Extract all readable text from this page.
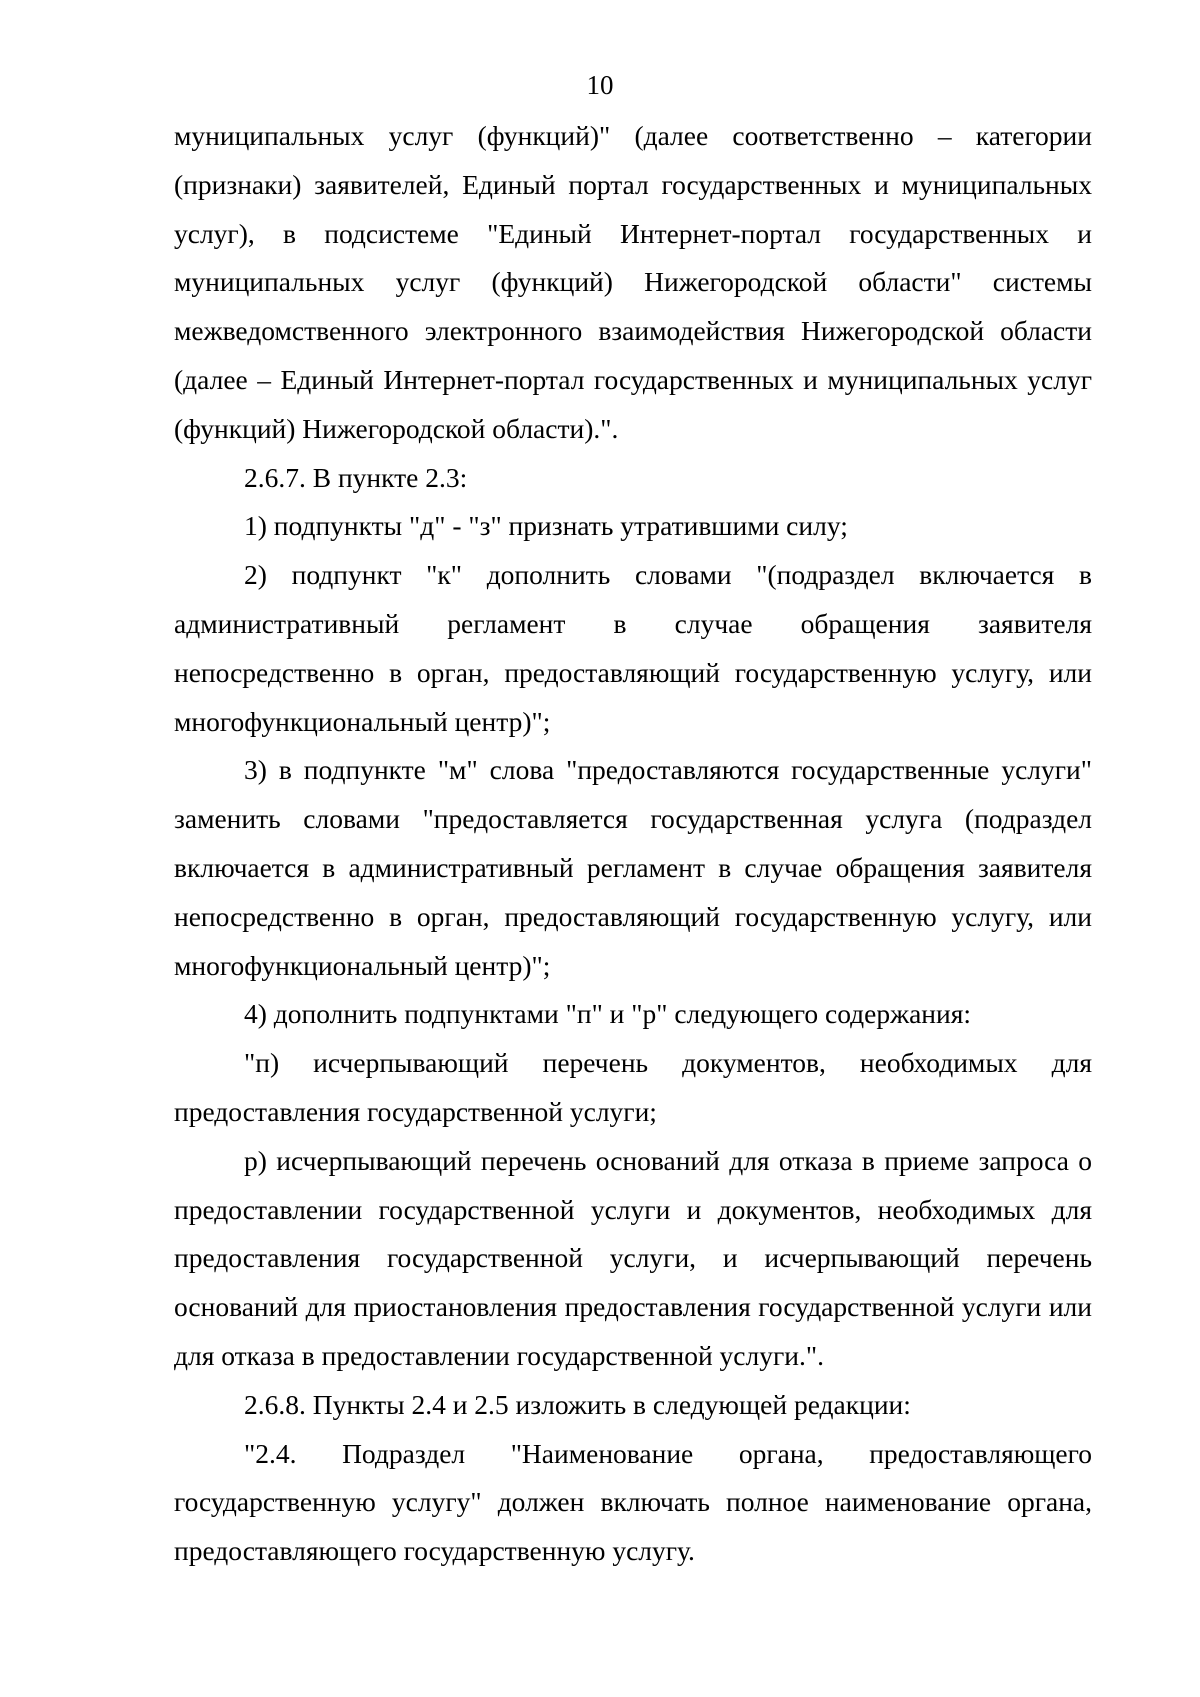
10

муниципальных услуг (функций)" (далее соответственно – категории (признаки) заявителей, Единый портал государственных и муниципальных услуг), в подсистеме "Единый Интернет-портал государственных и муниципальных услуг (функций) Нижегородской области" системы межведомственного электронного взаимодействия Нижегородской области (далее – Единый Интернет-портал государственных и муниципальных услуг (функций) Нижегородской области).".

2.6.7. В пункте 2.3:

1) подпункты "д" - "з" признать утратившими силу;

2) подпункт "к" дополнить словами "(подраздел включается в административный регламент в случае обращения заявителя непосредственно в орган, предоставляющий государственную услугу, или многофункциональный центр)";

3) в подпункте "м" слова "предоставляются государственные услуги" заменить словами "предоставляется государственная услуга (подраздел включается в административный регламент в случае обращения заявителя непосредственно в орган, предоставляющий государственную услугу, или многофункциональный центр)";

4) дополнить подпунктами "п" и "р" следующего содержания:

"п) исчерпывающий перечень документов, необходимых для предоставления государственной услуги;

р) исчерпывающий перечень оснований для отказа в приеме запроса о предоставлении государственной услуги и документов, необходимых для предоставления государственной услуги, и исчерпывающий перечень оснований для приостановления предоставления государственной услуги или для отказа в предоставлении государственной услуги.".

2.6.8. Пункты 2.4 и 2.5 изложить в следующей редакции:

"2.4. Подраздел "Наименование органа, предоставляющего государственную услугу" должен включать полное наименование органа, предоставляющего государственную услугу.
